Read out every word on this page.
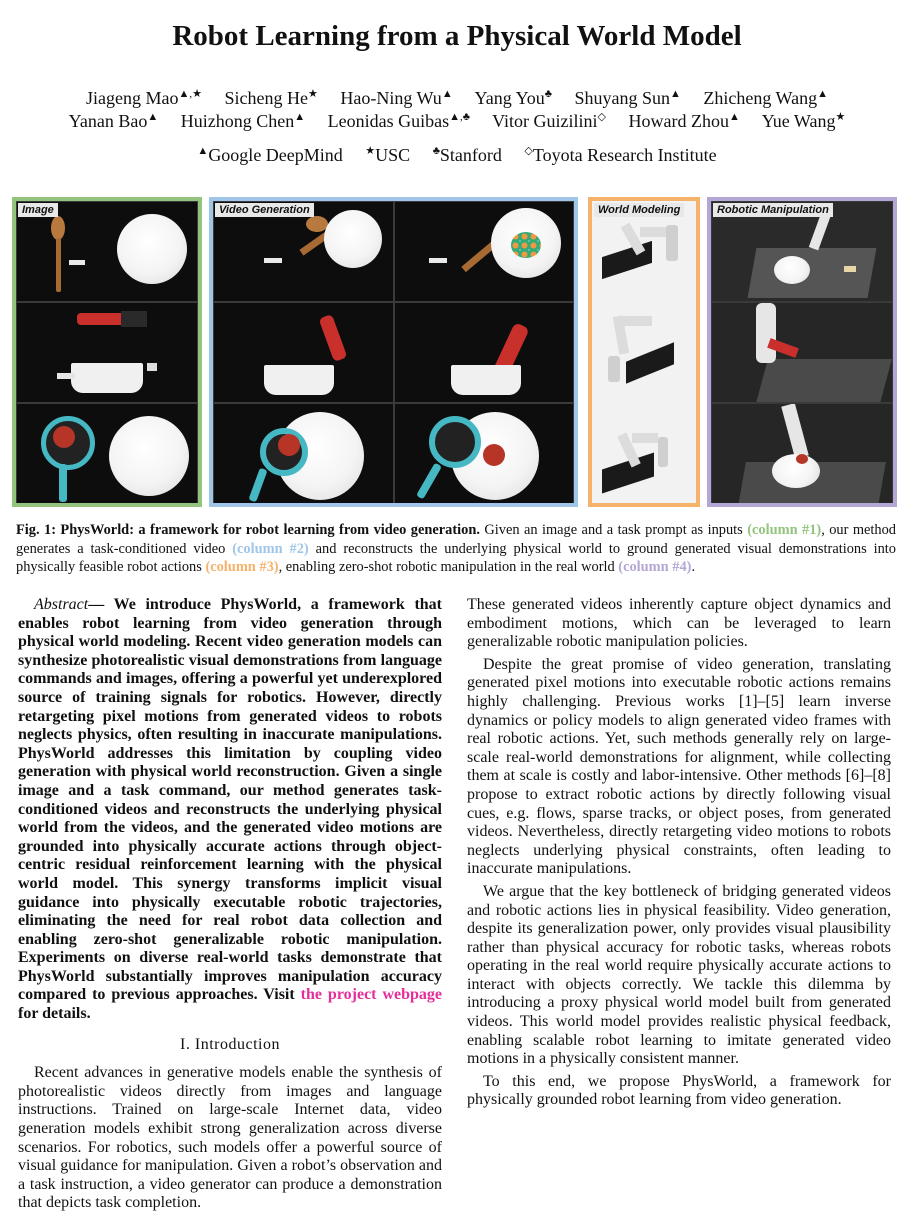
Robot Learning from a Physical World Model
Jiageng Mao▲,★ Sicheng He★ Hao-Ning Wu▲ Yang You♣ Shuyang Sun▲ Zhicheng Wang▲
Yanan Bao▲ Huizhong Chen▲ Leonidas Guibas▲,♣ Vitor Guizilini◇ Howard Zhou▲ Yue Wang★
▲Google DeepMind ★USC ♣Stanford ◇Toyota Research Institute
Image	Video Generation	World Modeling	Robotic Manipulation
Fig. 1: PhysWorld: a framework for robot learning from video generation. Given an image and a task prompt as inputs (column #1), our method generates a task-conditioned video (column #2) and reconstructs the underlying physical world to ground generated visual demonstrations into physically feasible robot actions (column #3), enabling zero-shot robotic manipulation in the real world (column #4).

Abstract— We introduce PhysWorld, a framework that enables robot learning from video generation through physical world modeling. Recent video generation models can synthesize photorealistic visual demonstrations from language commands and images, offering a powerful yet underexplored source of training signals for robotics. However, directly retargeting pixel motions from generated videos to robots neglects physics, often resulting in inaccurate manipulations. PhysWorld addresses this limitation by coupling video generation with physical world reconstruction. Given a single image and a task command, our method generates task-conditioned videos and reconstructs the underlying physical world from the videos, and the generated video motions are grounded into physically accurate actions through object-centric residual reinforcement learning with the physical world model. This synergy transforms implicit visual guidance into physically executable robotic trajectories, eliminating the need for real robot data collection and enabling zero-shot generalizable robotic manipulation. Experiments on diverse real-world tasks demonstrate that PhysWorld substantially improves manipulation accuracy compared to previous approaches. Visit the project webpage for details.

I. Introduction

Recent advances in generative models enable the synthesis of photorealistic videos directly from images and language instructions. Trained on large-scale Internet data, video generation models exhibit strong generalization across diverse scenarios. For robotics, such models offer a powerful source of visual guidance for manipulation. Given a robot’s observation and a task instruction, a video generator can produce a demonstration that depicts task completion.

These generated videos inherently capture object dynamics and embodiment motions, which can be leveraged to learn generalizable robotic manipulation policies.

Despite the great promise of video generation, translating generated pixel motions into executable robotic actions remains highly challenging. Previous works [1]–[5] learn inverse dynamics or policy models to align generated video frames with real robotic actions. Yet, such methods generally rely on large-scale real-world demonstrations for alignment, while collecting them at scale is costly and labor-intensive. Other methods [6]–[8] propose to extract robotic actions by directly following visual cues, e.g. flows, sparse tracks, or object poses, from generated videos. Nevertheless, directly retargeting video motions to robots neglects underlying physical constraints, often leading to inaccurate manipulations.

We argue that the key bottleneck of bridging generated videos and robotic actions lies in physical feasibility. Video generation, despite its generalization power, only provides visual plausibility rather than physical accuracy for robotic tasks, whereas robots operating in the real world require physically accurate actions to interact with objects correctly. We tackle this dilemma by introducing a proxy physical world model built from generated videos. This world model provides realistic physical feedback, enabling scalable robot learning to imitate generated video motions in a physically consistent manner.

To this end, we propose PhysWorld, a framework for physically grounded robot learning from video generation.
